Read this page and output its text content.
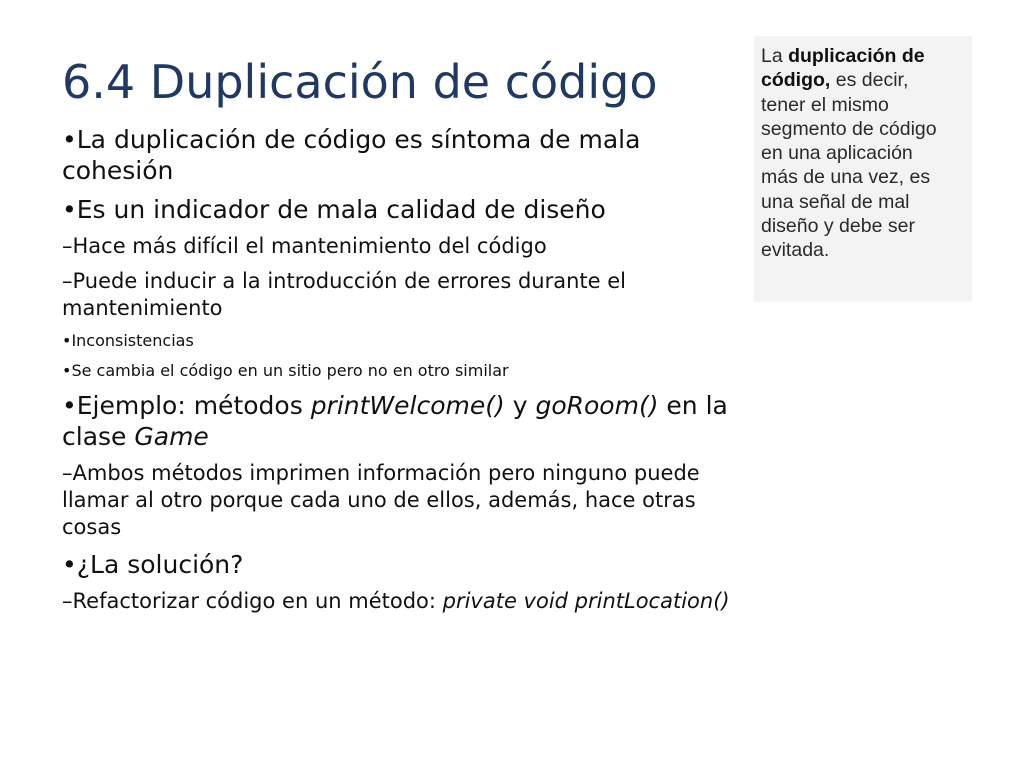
6.4 Duplicación de código

•La duplicación de código es síntoma de mala cohesión

•Es un indicador de mala calidad de diseño

–Hace más difícil el mantenimiento del código

–Puede inducir a la introducción de errores durante el mantenimiento

•Inconsistencias

•Se cambia el código en un sitio pero no en otro similar

•Ejemplo: métodos printWelcome() y goRoom() en la clase Game

–Ambos métodos imprimen información pero ninguno puede llamar al otro porque cada uno de ellos, además, hace otras cosas

•¿La solución?

–Refactorizar código en un método: private void printLocation()

La duplicación de
código, es decir,
tener el mismo
segmento de código
en una aplicación
más de una vez, es
una señal de mal
diseño y debe ser
evitada.
